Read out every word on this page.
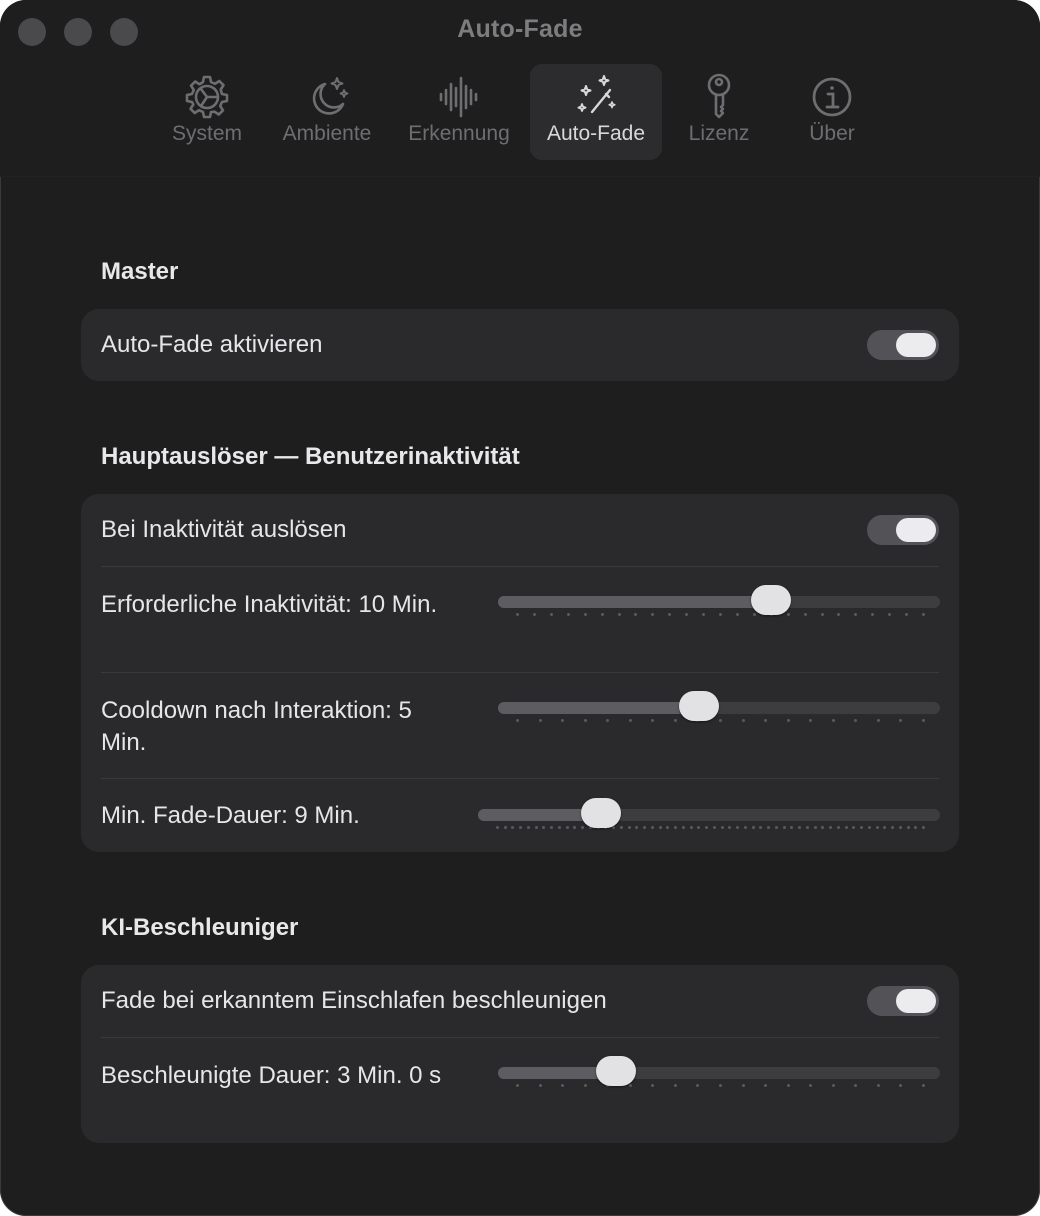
Auto-Fade
System Ambiente Erkennung Auto-Fade Lizenz	Über
Master
Auto-Fade aktivieren
Hauptauslöser — Benutzerinaktivität
Bei Inaktivität auslösen
Erforderliche Inaktivität: 10 Min.
Cooldown nach Interaktion: 5 Min.
Min. Fade-Dauer: 9 Min.
KI-Beschleuniger
Fade bei erkanntem Einschlafen beschleunigen
Beschleunigte Dauer: 3 Min. 0 s
